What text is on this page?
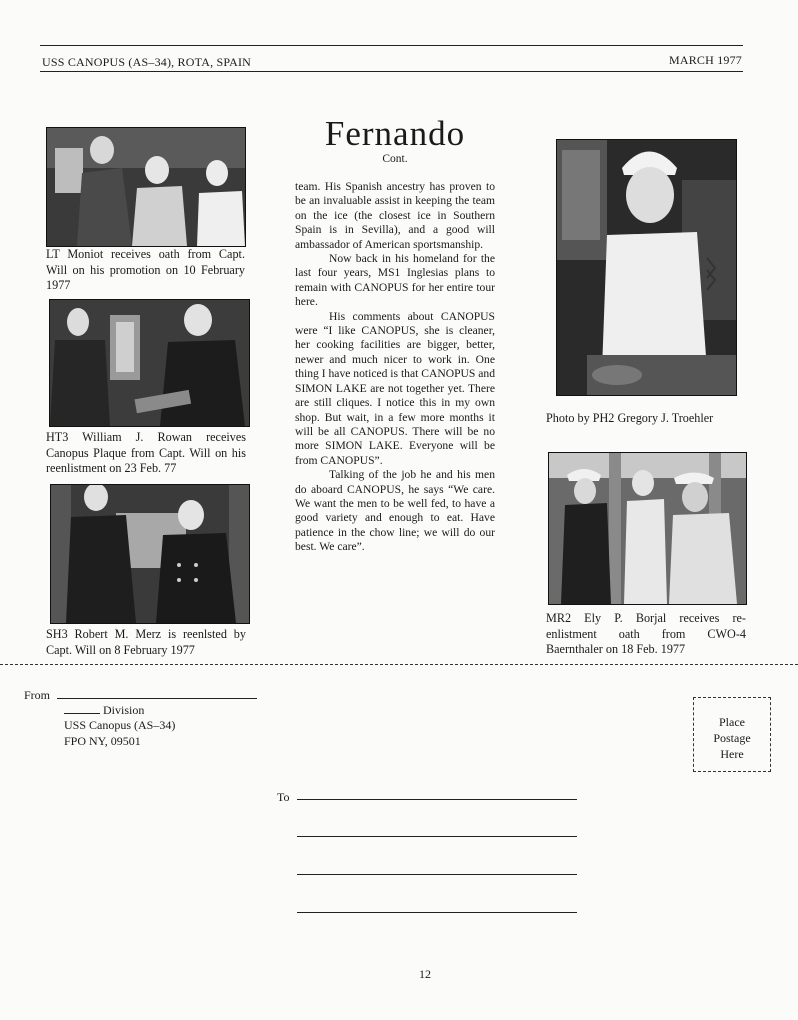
USS CANOPUS (AS–34), ROTA, SPAIN	MARCH 1977
LT Moniot receives oath from Capt. Will on his promotion on 10 February 1977
HT3 William J. Rowan receives Canopus Plaque from Capt. Will on his reenlistment on 23 Feb. 77
SH3 Robert M. Merz is reenlsted by Capt. Will on 8 February 1977
Fernando
Cont.

team. His Spanish ancestry has proven to be an invaluable assist in keeping the team on the ice (the closest ice in Southern Spain is in Sevilla), and a good will ambassador of American sportsmanship.

Now back in his homeland for the last four years, MS1 Inglesias plans to remain with CANOPUS for her entire tour here.

His comments about CANOPUS were “I like CANOPUS, she is cleaner, her cooking facilities are bigger, better, newer and much nicer to work in. One thing I have noticed is that CANOPUS and SIMON LAKE are not together yet. There are still cliques. I notice this in my own shop. But wait, in a few more months it will be all CANOPUS. There will be no more SIMON LAKE. Everyone will be from CANOPUS”.

Talking of the job he and his men do aboard CANOPUS, he says “We care. We want the men to be well fed, to have a good variety and enough to eat. Have patience in the chow line; we will do our best. We care”.

Photo by PH2 Gregory J. Troehler
MR2 Ely P. Borjal receives re-enlistment oath from CWO-4 Baernthaler on 18 Feb. 1977
From
Division
USS Canopus (AS–34)
FPO NY, 09501
Place
Postage
Here
To
12
